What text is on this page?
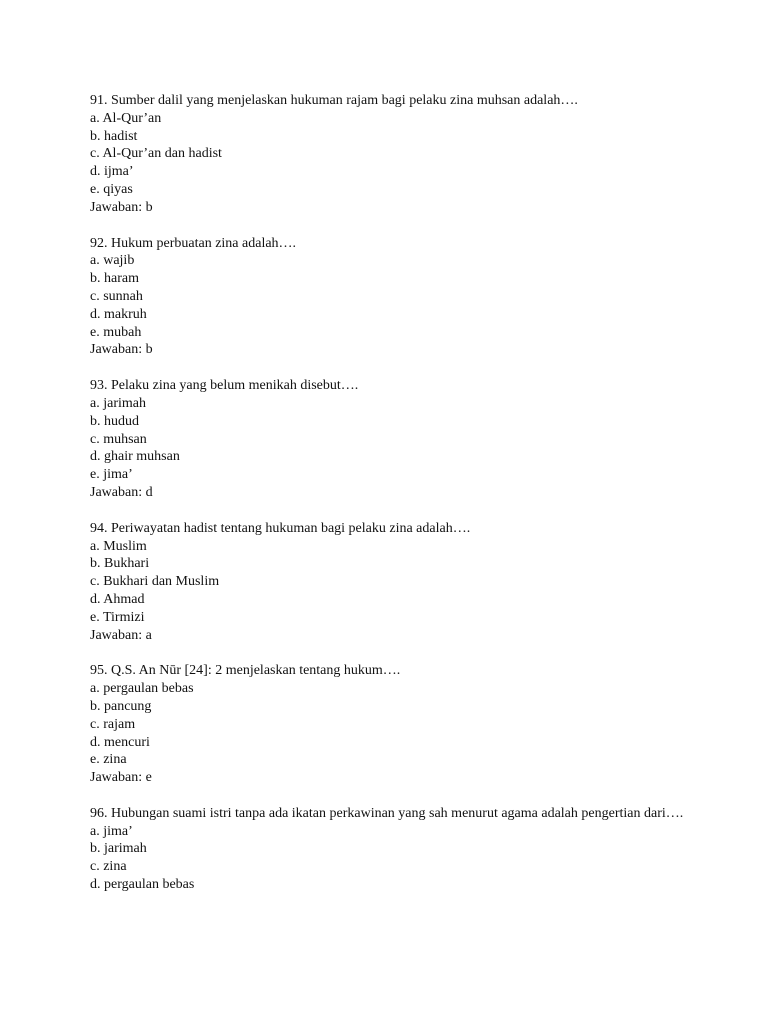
91. Sumber dalil yang menjelaskan hukuman rajam bagi pelaku zina muhsan adalah….
a. Al-Qur’an
b. hadist
c. Al-Qur’an dan hadist
d. ijma’
e. qiyas
Jawaban: b
92. Hukum perbuatan zina adalah….
a. wajib
b. haram
c. sunnah
d. makruh
e. mubah
Jawaban: b
93. Pelaku zina yang belum menikah disebut….
a. jarimah
b. hudud
c. muhsan
d. ghair muhsan
e. jima’
Jawaban: d
94. Periwayatan hadist tentang hukuman bagi pelaku zina adalah….
a. Muslim
b. Bukhari
c. Bukhari dan Muslim
d. Ahmad
e. Tirmizi
Jawaban: a
95. Q.S. An Nūr [24]: 2 menjelaskan tentang hukum….
a. pergaulan bebas
b. pancung
c. rajam
d. mencuri
e. zina
Jawaban: e
96. Hubungan suami istri tanpa ada ikatan perkawinan yang sah menurut agama adalah pengertian dari….
a. jima’
b. jarimah
c. zina
d. pergaulan bebas
